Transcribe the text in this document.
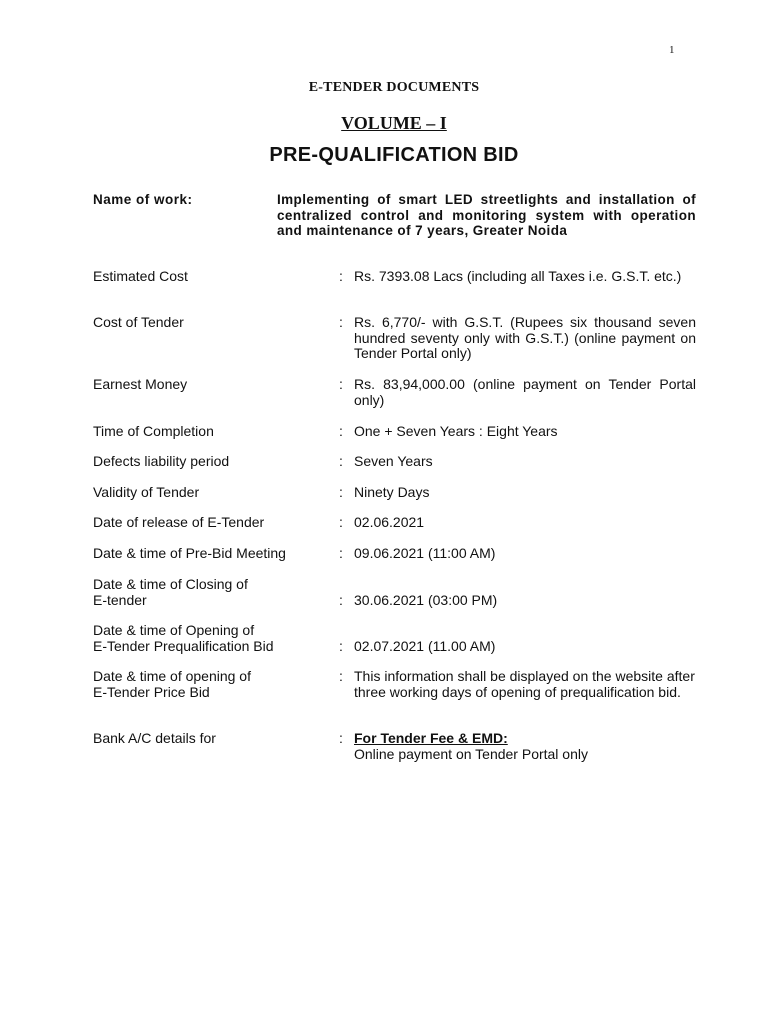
1
E-TENDER DOCUMENTS
VOLUME – I
PRE-QUALIFICATION BID
Name of work:	Implementing of smart LED streetlights and installation of centralized control and monitoring system with operation and maintenance of 7 years, Greater Noida
Estimated Cost	: Rs. 7393.08 Lacs (including all Taxes i.e. G.S.T. etc.)
Cost of Tender	: Rs. 6,770/- with G.S.T. (Rupees six thousand seven hundred seventy only with G.S.T.) (online payment on Tender Portal only)
Earnest Money	: Rs. 83,94,000.00 (online payment on Tender Portal only)
Time of Completion	: One + Seven Years : Eight Years
Defects liability period	: Seven Years
Validity of Tender	: Ninety Days
Date of release of E-Tender	: 02.06.2021
Date & time of Pre-Bid Meeting	: 09.06.2021 (11:00 AM)
Date & time of Closing of
E-tender	: 30.06.2021 (03:00 PM)
Date & time of Opening of
E-Tender Prequalification Bid	: 02.07.2021 (11.00 AM)
Date & time of opening of
E-Tender Price Bid
: This information shall be displayed on the website after three working days of opening of prequalification bid.
Bank A/C details for	: For Tender Fee & EMD:
Online payment on Tender Portal only
